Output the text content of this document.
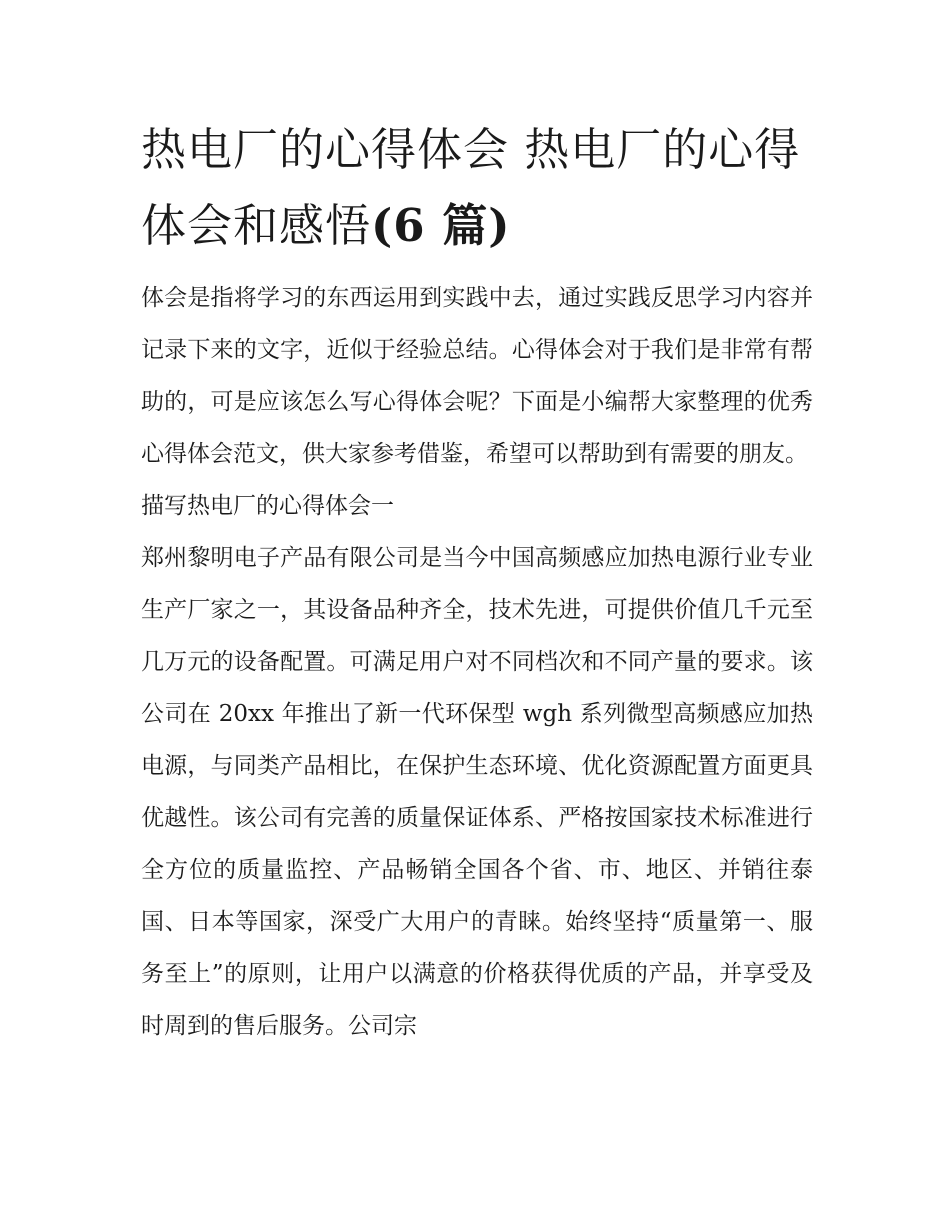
热电厂的心得体会 热电厂的心得体会和感悟(6 篇)

体会是指将学习的东西运用到实践中去，通过实践反思学习内容并记录下来的文字，近似于经验总结。心得体会对于我们是非常有帮助的，可是应该怎么写心得体会呢？下面是小编帮大家整理的优秀心得体会范文，供大家参考借鉴，希望可以帮助到有需要的朋友。

描写热电厂的心得体会一

郑州黎明电子产品有限公司是当今中国高频感应加热电源行业专业生产厂家之一，其设备品种齐全，技术先进，可提供价值几千元至几万元的设备配置。可满足用户对不同档次和不同产量的要求。该公司在 20xx 年推出了新一代环保型 wgh 系列微型高频感应加热电源，与同类产品相比，在保护生态环境、优化资源配置方面更具优越性。该公司有完善的质量保证体系、严格按国家技术标准进行全方位的质量监控、产品畅销全国各个省、市、地区、并销往泰国、日本等国家，深受广大用户的青睐。始终坚持“质量第一、服务至上”的原则，让用户以满意的价格获得优质的产品，并享受及时周到的售后服务。公司宗
